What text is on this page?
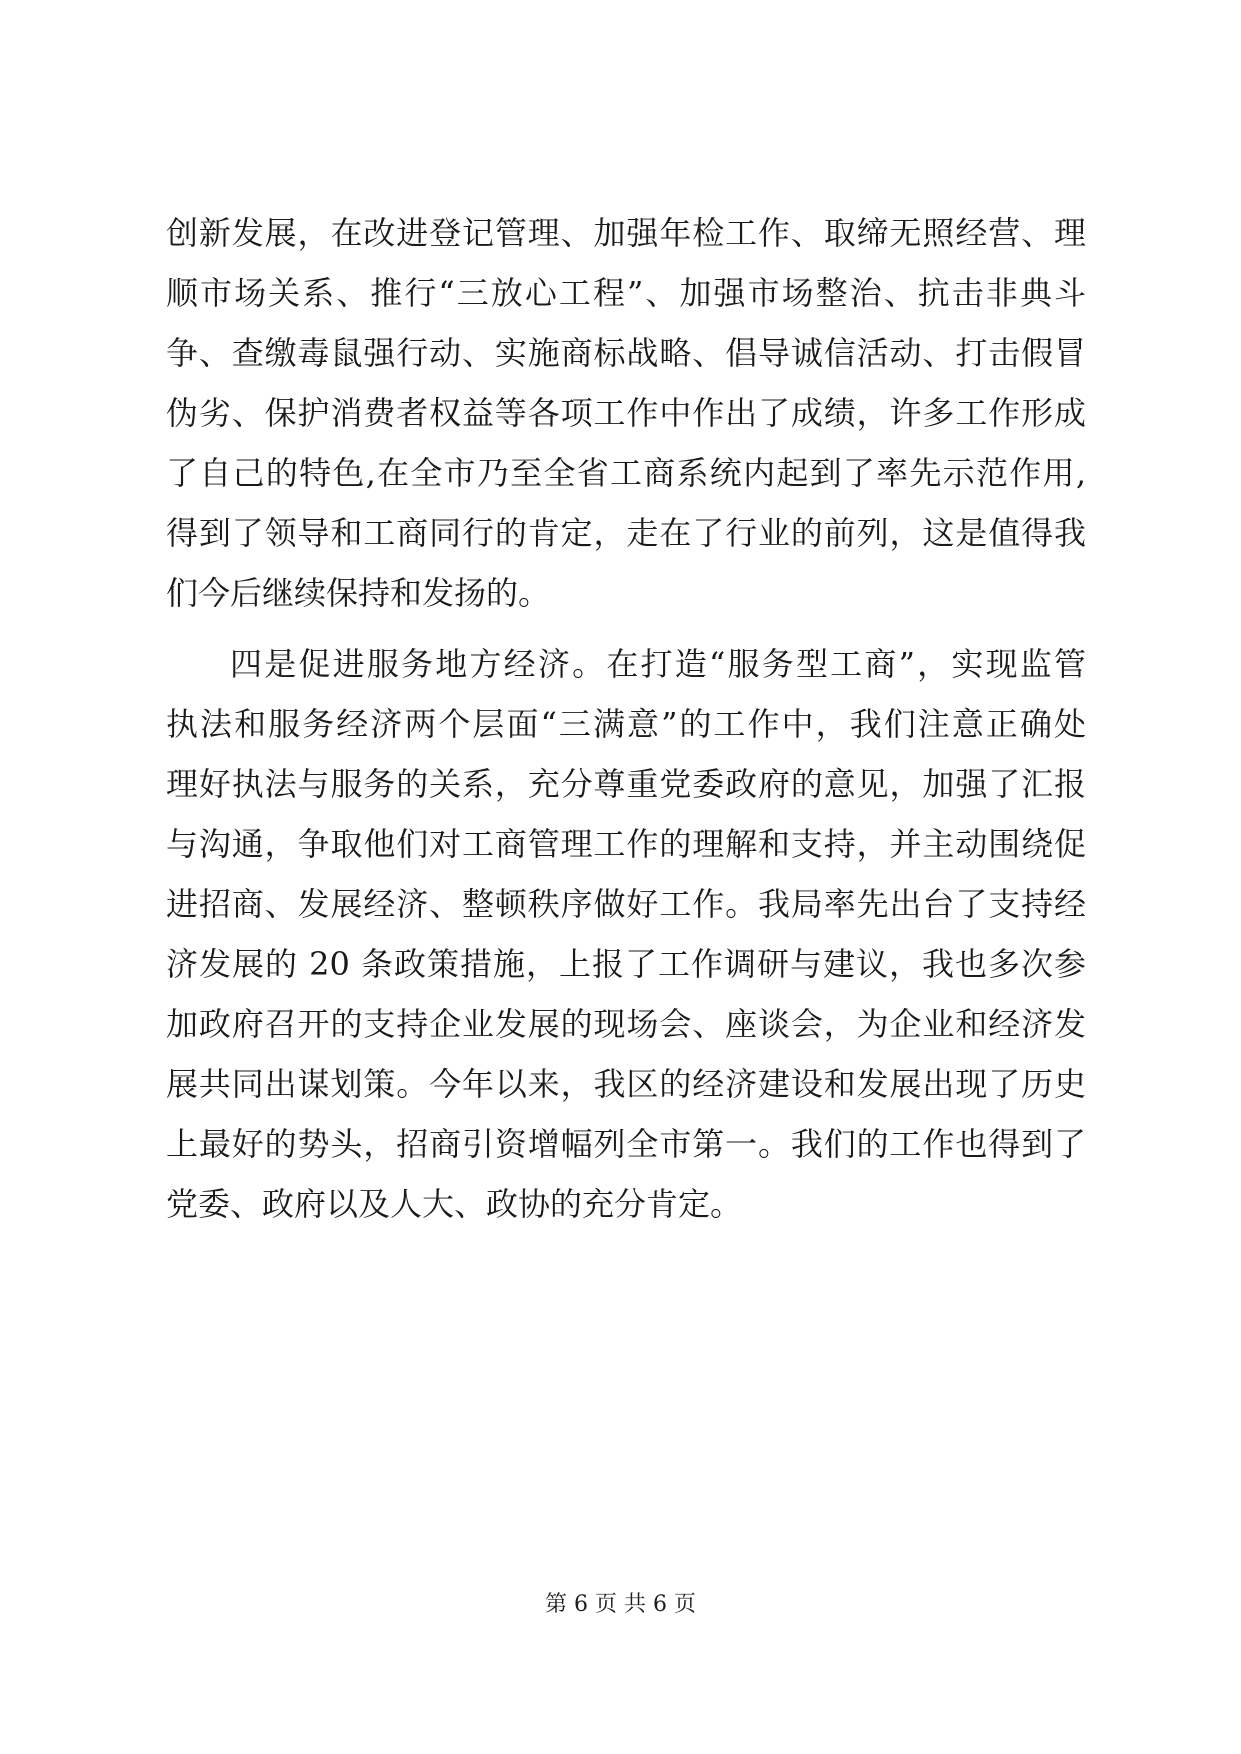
创新发展，在改进登记管理、加强年检工作、取缔无照经营、理
顺市场关系、推行“三放心工程”、加强市场整治、抗击非典斗
争、查缴毒鼠强行动、实施商标战略、倡导诚信活动、打击假冒
伪劣、保护消费者权益等各项工作中作出了成绩，许多工作形成
了自己的特色,在全市乃至全省工商系统内起到了率先示范作用,
得到了领导和工商同行的肯定，走在了行业的前列，这是值得我
们今后继续保持和发扬的。
四是促进服务地方经济。在打造“服务型工商”，实现监管
执法和服务经济两个层面“三满意”的工作中，我们注意正确处
理好执法与服务的关系，充分尊重党委政府的意见，加强了汇报
与沟通，争取他们对工商管理工作的理解和支持，并主动围绕促
进招商、发展经济、整顿秩序做好工作。我局率先出台了支持经
济发展的 20 条政策措施，上报了工作调研与建议，我也多次参
加政府召开的支持企业发展的现场会、座谈会，为企业和经济发
展共同出谋划策。今年以来，我区的经济建设和发展出现了历史
上最好的势头，招商引资增幅列全市第一。我们的工作也得到了
党委、政府以及人大、政协的充分肯定。
第 6 页 共 6 页
